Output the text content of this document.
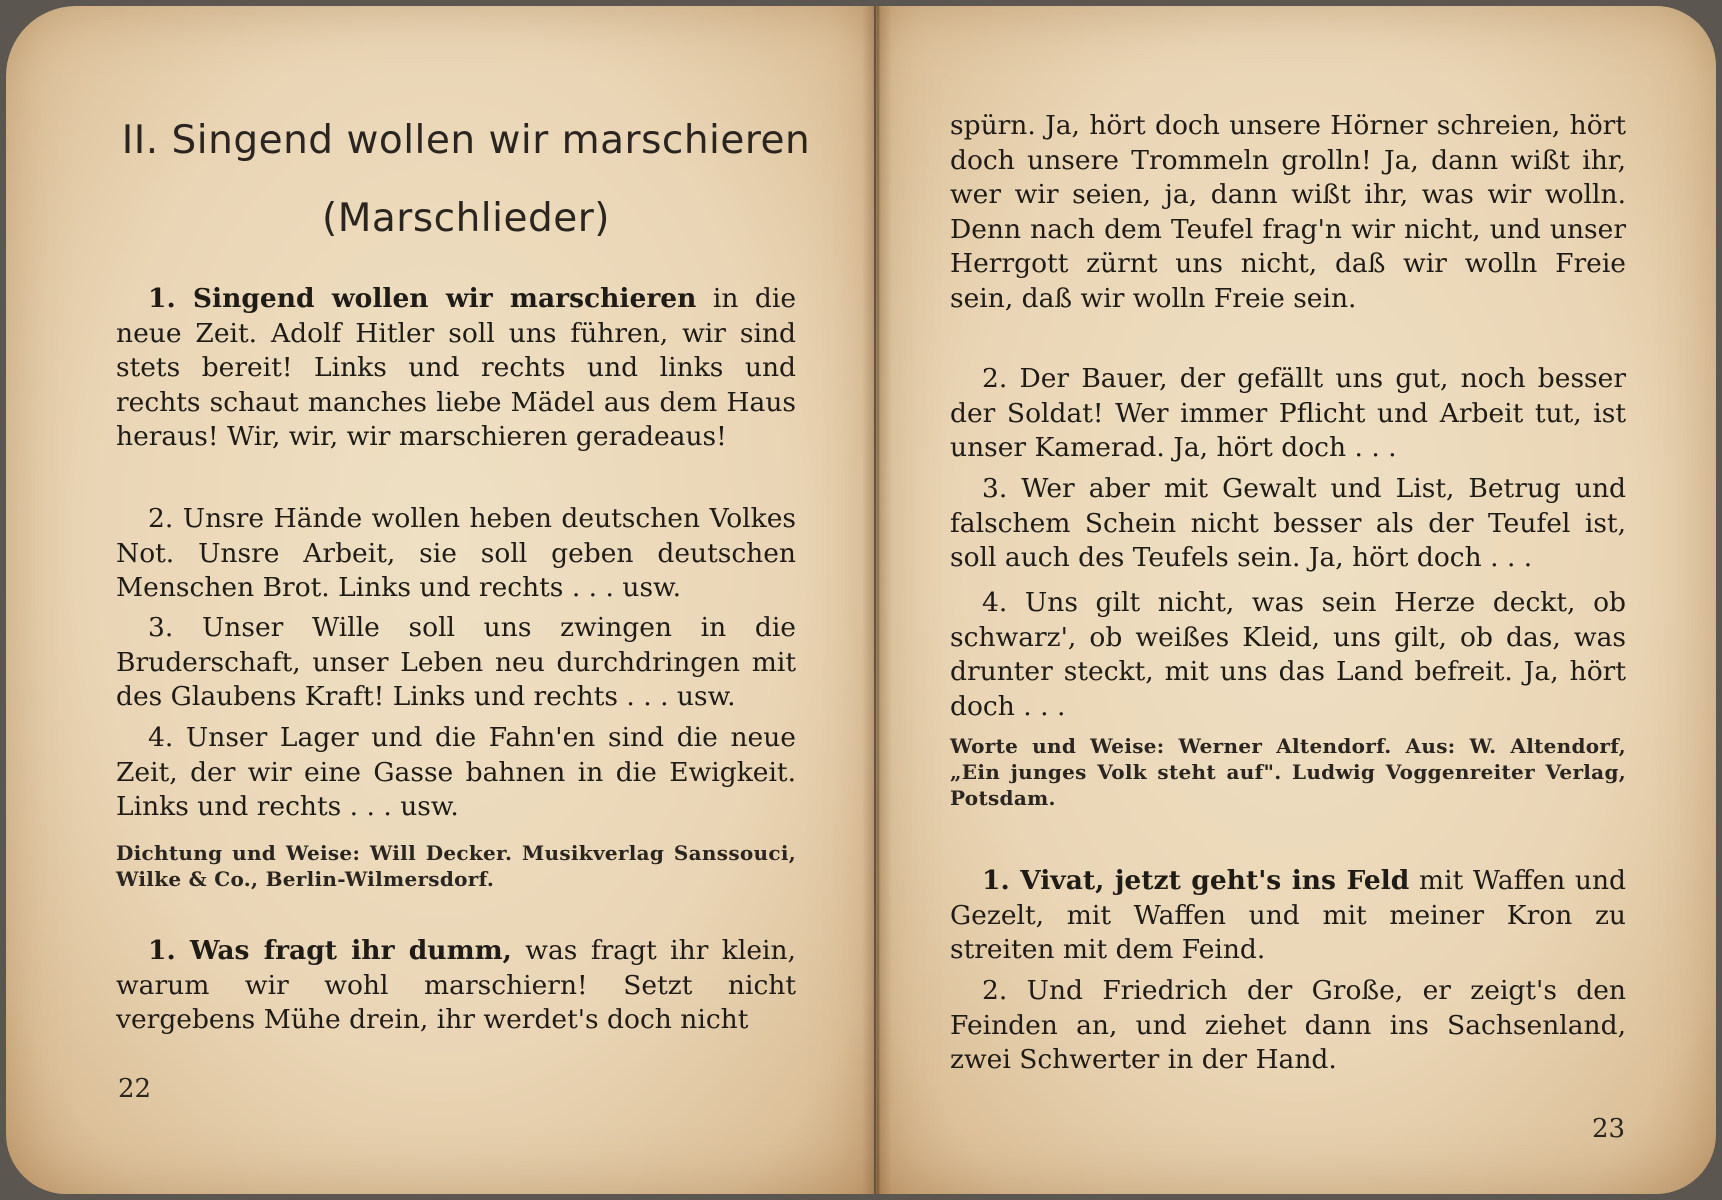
II. Singend wollen wir marschieren
(Marschlieder)

1. Singend wollen wir marschieren in die neue Zeit. Adolf Hitler soll uns führen, wir sind stets bereit! Links und rechts und links und rechts schaut manches liebe Mädel aus dem Haus heraus! Wir, wir, wir marschieren geradeaus!

2. Unsre Hände wollen heben deutschen Volkes Not. Unsre Arbeit, sie soll geben deutschen Menschen Brot. Links und rechts . . . usw.

3. Unser Wille soll uns zwingen in die Bruderschaft, unser Leben neu durchdringen mit des Glaubens Kraft! Links und rechts . . . usw.

4. Unser Lager und die Fahn'en sind die neue Zeit, der wir eine Gasse bahnen in die Ewigkeit. Links und rechts . . . usw.

Dichtung und Weise: Will Decker. Musikverlag Sanssouci, Wilke & Co., Berlin-Wilmersdorf.

1. Was fragt ihr dumm, was fragt ihr klein, warum wir wohl marschiern! Setzt nicht vergebens Mühe drein, ihr werdet's doch nicht

22

spürn. Ja, hört doch unsere Hörner schreien, hört doch unsere Trommeln grolln! Ja, dann wißt ihr, wer wir seien, ja, dann wißt ihr, was wir wolln. Denn nach dem Teufel frag'n wir nicht, und unser Herrgott zürnt uns nicht, daß wir wolln Freie sein, daß wir wolln Freie sein.

2. Der Bauer, der gefällt uns gut, noch besser der Soldat! Wer immer Pflicht und Arbeit tut, ist unser Kamerad. Ja, hört doch . . .

3. Wer aber mit Gewalt und List, Betrug und falschem Schein nicht besser als der Teufel ist, soll auch des Teufels sein. Ja, hört doch . . .

4. Uns gilt nicht, was sein Herze deckt, ob schwarz', ob weißes Kleid, uns gilt, ob das, was drunter steckt, mit uns das Land befreit. Ja, hört doch . . .

Worte und Weise: Werner Altendorf. Aus: W. Altendorf, „Ein junges Volk steht auf". Ludwig Voggenreiter Verlag, Potsdam.

1. Vivat, jetzt geht's ins Feld mit Waffen und Gezelt, mit Waffen und mit meiner Kron zu streiten mit dem Feind.

2. Und Friedrich der Große, er zeigt's den Feinden an, und ziehet dann ins Sachsenland, zwei Schwerter in der Hand.

23
